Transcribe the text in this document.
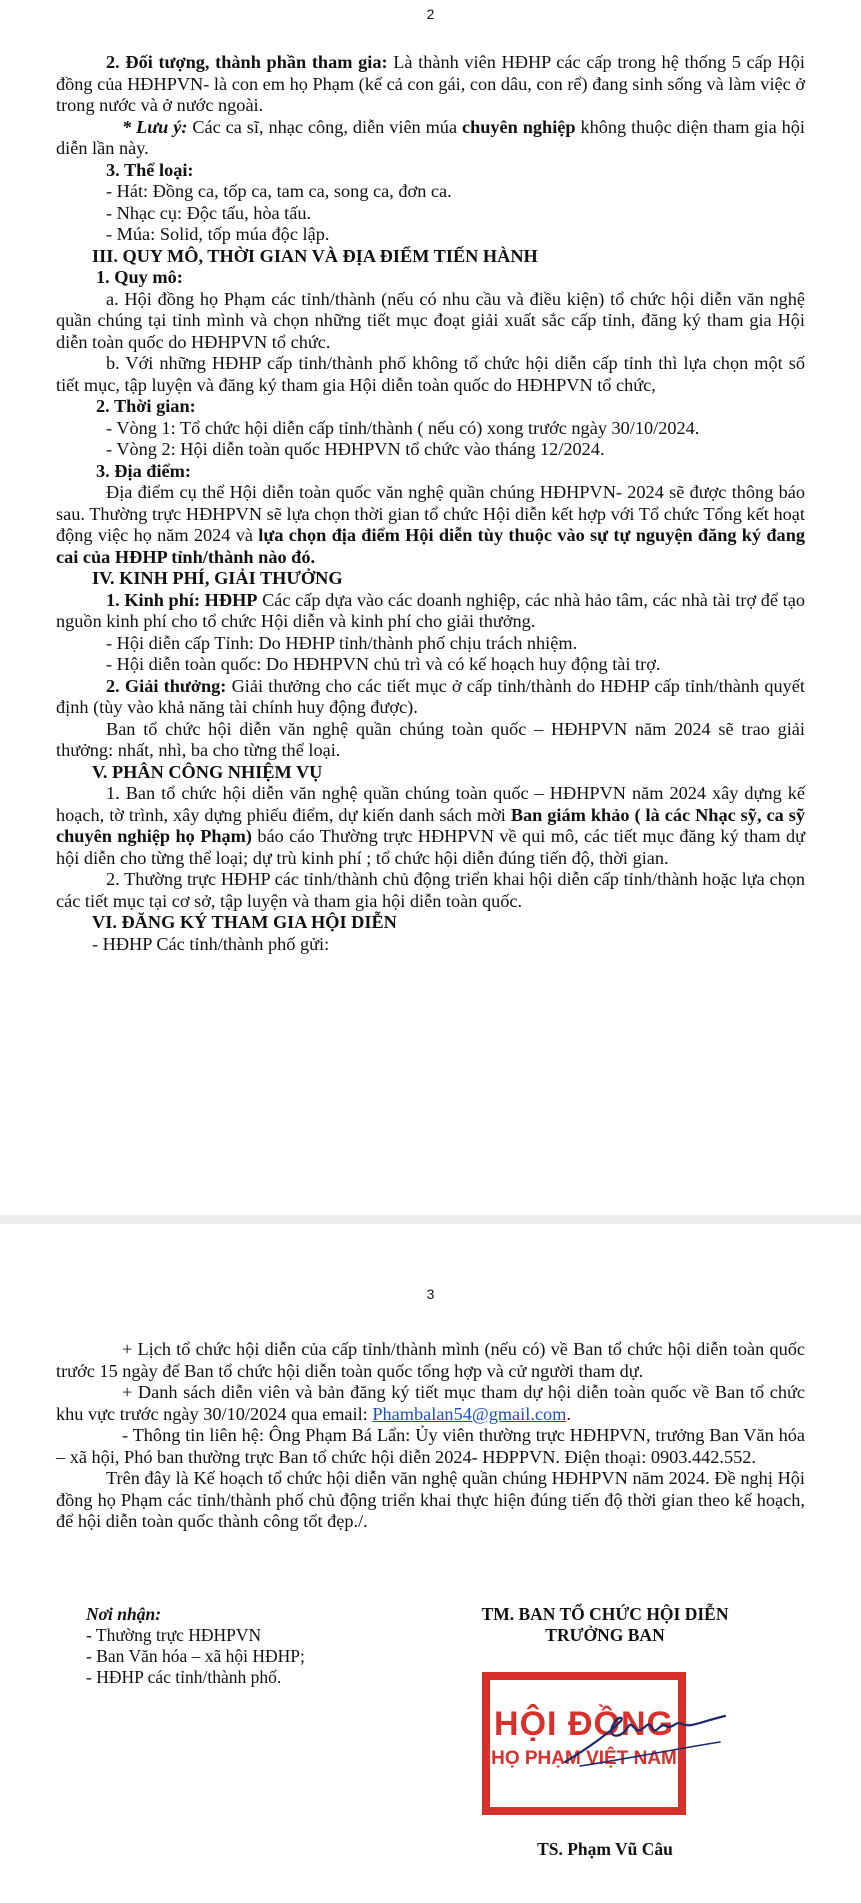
2

2. Đối tượng, thành phần tham gia: Là thành viên HĐHP các cấp trong hệ thống 5 cấp Hội đồng của HĐHPVN- là con em họ Phạm (kể cả con gái, con dâu, con rể) đang sinh sống và làm việc ở trong nước và ở nước ngoài.

* Lưu ý: Các ca sĩ, nhạc công, diễn viên múa chuyên nghiệp không thuộc diện tham gia hội diễn lần này.

3. Thể loại:

- Hát: Đồng ca, tốp ca, tam ca, song ca, đơn ca.

- Nhạc cụ: Độc tấu, hòa tấu.

- Múa: Solid, tốp múa độc lập.

III. QUY MÔ, THỜI GIAN VÀ ĐỊA ĐIỂM TIẾN HÀNH

1. Quy mô:

a. Hội đồng họ Phạm các tỉnh/thành (nếu có nhu cầu và điều kiện) tổ chức hội diễn văn nghệ quần chúng tại tỉnh mình và chọn những tiết mục đoạt giải xuất sắc cấp tỉnh, đăng ký tham gia Hội diễn toàn quốc do HĐHPVN tổ chức.

b. Với những HĐHP cấp tỉnh/thành phố không tổ chức hội diễn cấp tỉnh thì lựa chọn một số tiết mục, tập luyện và đăng ký tham gia Hội diễn toàn quốc do HĐHPVN tổ chức,

2. Thời gian:

- Vòng 1: Tổ chức hội diễn cấp tỉnh/thành ( nếu có) xong trước ngày 30/10/2024.

- Vòng 2: Hội diễn toàn quốc HĐHPVN tổ chức vào tháng 12/2024.

3. Địa điểm:

Địa điểm cụ thể Hội diễn toàn quốc văn nghệ quần chúng HĐHPVN- 2024 sẽ được thông báo sau. Thường trực HĐHPVN sẽ lựa chọn thời gian tổ chức Hội diễn kết hợp với Tổ chức Tổng kết hoạt động việc họ năm 2024 và lựa chọn địa điểm Hội diễn tùy thuộc vào sự tự nguyện đăng ký đang cai của HĐHP tỉnh/thành nào đó.

IV. KINH PHÍ, GIẢI THƯỞNG

1. Kinh phí: HĐHP Các cấp dựa vào các doanh nghiệp, các nhà hảo tâm, các nhà tài trợ để tạo nguồn kinh phí cho tổ chức Hội diễn và kinh phí cho giải thưởng.

- Hội diễn cấp Tỉnh: Do HĐHP tỉnh/thành phố chịu trách nhiệm.

- Hội diễn toàn quốc: Do HĐHPVN chủ trì và có kế hoạch huy động tài trợ.

2. Giải thưởng: Giải thưởng cho các tiết mục ở cấp tỉnh/thành do HĐHP cấp tỉnh/thành quyết định (tùy vào khả năng tài chính huy động được).

Ban tổ chức hội diễn văn nghệ quần chúng toàn quốc – HĐHPVN năm 2024 sẽ trao giải thưởng: nhất, nhì, ba cho từng thể loại.

V. PHÂN CÔNG NHIỆM VỤ

1. Ban tổ chức hội diễn văn nghệ quần chúng toàn quốc – HĐHPVN năm 2024 xây dựng kế hoạch, tờ trình, xây dựng phiếu điểm, dự kiến danh sách mời Ban giám khảo ( là các Nhạc sỹ, ca sỹ chuyên nghiệp họ Phạm) báo cáo Thường trực HĐHPVN về qui mô, các tiết mục đăng ký tham dự hội diễn cho từng thể loại; dự trù kinh phí ; tổ chức hội diễn đúng tiến độ, thời gian.

2. Thường trực HĐHP các tỉnh/thành chủ động triển khai hội diễn cấp tỉnh/thành hoặc lựa chọn các tiết mục tại cơ sở, tập luyện và tham gia hội diễn toàn quốc.

VI. ĐĂNG KÝ THAM GIA HỘI DIỄN

- HĐHP Các tỉnh/thành phố gửi:

3

+ Lịch tổ chức hội diễn của cấp tỉnh/thành mình (nếu có) về Ban tổ chức hội diễn toàn quốc trước 15 ngày để Ban tổ chức hội diễn toàn quốc tổng hợp và cử người tham dự.

+ Danh sách diễn viên và bản đăng ký tiết mục tham dự hội diễn toàn quốc về Ban tổ chức khu vực trước ngày 30/10/2024 qua email: Phambalan54@gmail.com.

- Thông tin liên hệ: Ông Phạm Bá Lẩn: Ủy viên thường trực HĐHPVN, trưởng Ban Văn hóa – xã hội, Phó ban thường trực Ban tổ chức hội diễn 2024- HĐPPVN. Điện thoại: 0903.442.552.

Trên đây là Kế hoạch tổ chức hội diễn văn nghệ quần chúng HĐHPVN năm 2024. Đề nghị Hội đồng họ Phạm các tỉnh/thành phố chủ động triển khai thực hiện đúng tiến độ thời gian theo kế hoạch, để hội diễn toàn quốc thành công tốt đẹp./.

Nơi nhận:
- Thường trực HĐHPVN
- Ban Văn hóa – xã hội HĐHP;
- HĐHP các tỉnh/thành phố.
TM. BAN TỔ CHỨC HỘI DIỄN
TRƯỞNG BAN
HỘI ĐỒNG
HỌ PHẠM VIỆT NAM
TS. Phạm Vũ Câu
